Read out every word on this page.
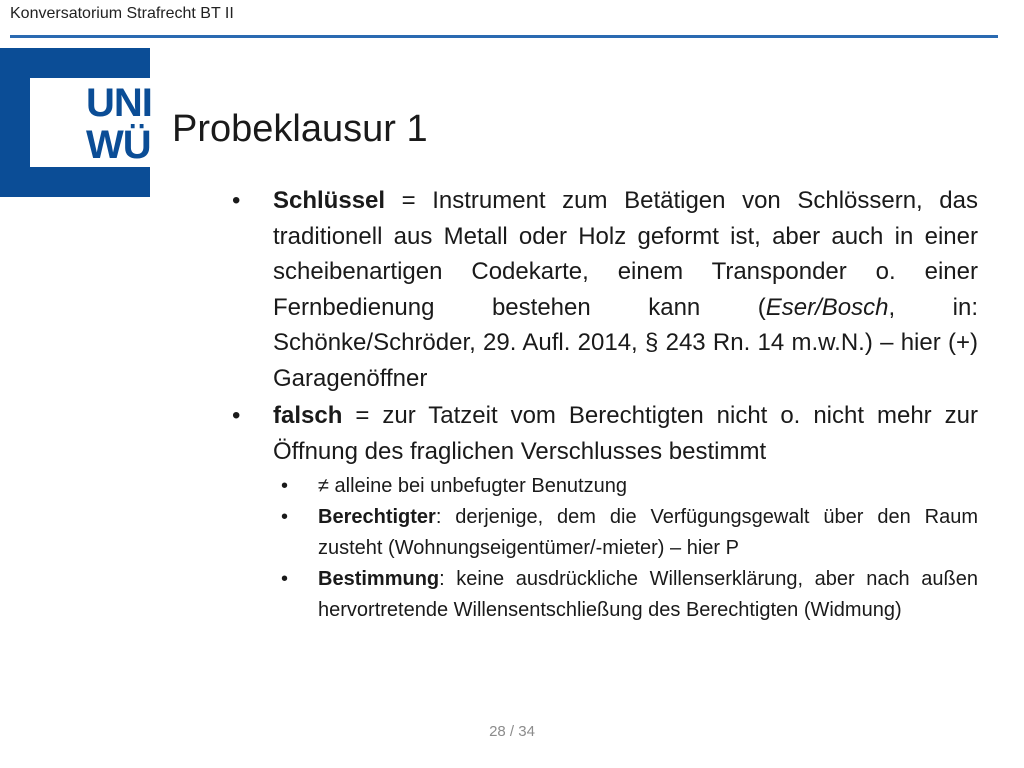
Konversatorium Strafrecht BT II
UNI
WÜ Probeklausur 1
• Schlüssel = Instrument zum Betätigen von Schlössern, das traditionell aus Metall oder Holz geformt ist, aber auch in einer scheibenartigen Codekarte, einem Transponder o. einer Fernbedienung bestehen kann (Eser/Bosch, in: Schönke/Schröder, 29. Aufl. 2014, § 243 Rn. 14 m.w.N.) – hier (+) Garagenöffner
• falsch = zur Tatzeit vom Berechtigten nicht o. nicht mehr zur Öffnung des fraglichen Verschlusses bestimmt
• ≠ alleine bei unbefugter Benutzung
• Berechtigter: derjenige, dem die Verfügungsgewalt über den Raum zusteht (Wohnungseigentümer/-mieter) – hier P
• Bestimmung: keine ausdrückliche Willenserklärung, aber nach außen hervortretende Willensentschließung des Berechtigten (Widmung)
28 / 34
